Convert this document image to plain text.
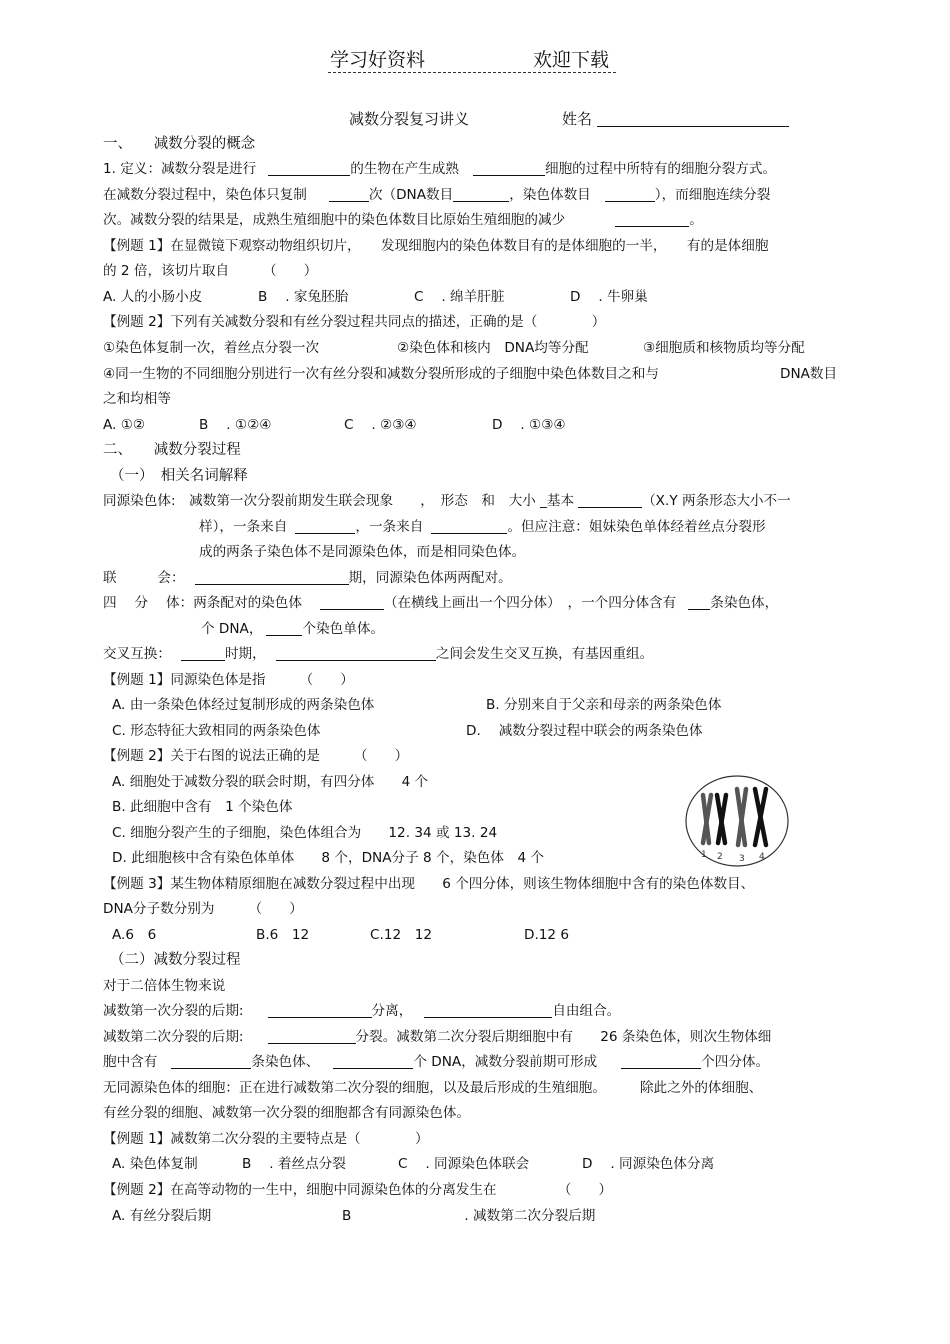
学习好资料	欢迎下载
减数分裂复习讲义	姓名
一、　　减数分裂的概念
1. 定义：减数分裂是进行	的生物在产生成熟	细胞的过程中所特有的细胞分裂方式。
在减数分裂过程中，染色体只复制	次（DNA数目	，染色体数目	），而细胞连续分裂
次。减数分裂的结果是，成熟生殖细胞中的染色体数目比原始生殖细胞的减少	。
【例题 1】在显微镜下观察动物组织切片，　　发现细胞内的染色体数目有的是体细胞的一半，　　有的是体细胞
的 2 倍，该切片取自　　　（　　）
A. 人的小肠小皮	B　 . 家兔胚胎	C　 . 绵羊肝脏	D　 . 牛卵巢
【例题 2】下列有关减数分裂和有丝分裂过程共同点的描述，正确的是（　　　　）
①染色体复制一次，着丝点分裂一次	②染色体和核内　DNA均等分配	③细胞质和核物质均等分配
④同一生物的不同细胞分别进行一次有丝分裂和减数分裂所形成的子细胞中染色体数目之和与	DNA数目
之和均相等
A. ①②	B　 . ①②④	C　 . ②③④	D　 . ①③④
二、　　减数分裂过程
（一）　相关名词解释
同源染色体:　减数第一次分裂前期发生联会现象　　，　形态　和　大小 _基本	（X.Y 两条形态大小不一
样），一条来自	，一条来自	。但应注意：姐妹染色单体经着丝点分裂形
成的两条子染色体不是同源染色体，而是相同染色体。
联　　　会：	期，同源染色体两两配对。
四　 分　 体：两条配对的染色体	（在横线上画出一个四分体）　，一个四分体含有	条染色体，
个 DNA，	个染色单体。
交叉互换：	时期，	之间会发生交叉互换，有基因重组。
【例题 1】同源染色体是指　　　（　　）
A. 由一条染色体经过复制形成的两条染色体	B. 分别来自于父亲和母亲的两条染色体
C. 形态特征大致相同的两条染色体	D.　 减数分裂过程中联会的两条染色体
【例题 2】关于右图的说法正确的是　　　（　　）
A. 细胞处于减数分裂的联会时期，有四分体　　4 个
B. 此细胞中含有　1 个染色体
C. 细胞分裂产生的子细胞，染色体组合为　　12. 34 或 13. 24
D. 此细胞核中含有染色体单体　　8 个，DNA分子 8 个，染色体　4 个	1 2 3 4
【例题 3】某生物体精原细胞在减数分裂过程中出现　　6 个四分体，则该生物体细胞中含有的染色体数目、
DNA分子数分别为　　　（　　）
A.6　6	B.6　12	C.12　12	D.12 6
（二）减数分裂过程
对于二倍体生物来说
减数第一次分裂的后期:	分离，	自由组合。
减数第二次分裂的后期:	分裂。减数第二次分裂后期细胞中有　　26 条染色体，则次生物体细
胞中含有	条染色体、	个 DNA，减数分裂前期可形成	个四分体。
无同源染色体的细胞：正在进行减数第二次分裂的细胞，以及最后形成的生殖细胞。　　　除此之外的体细胞、
有丝分裂的细胞、减数第一次分裂的细胞都含有同源染色体。
【例题 1】减数第二次分裂的主要特点是（　　　　）
A. 染色体复制	B　 . 着丝点分裂	C　 . 同源染色体联会	D　 . 同源染色体分离
【例题 2】在高等动物的一生中，细胞中同源染色体的分离发生在　　　　　（　　）
A. 有丝分裂后期	B　　　　　　　　 . 减数第二次分裂后期
